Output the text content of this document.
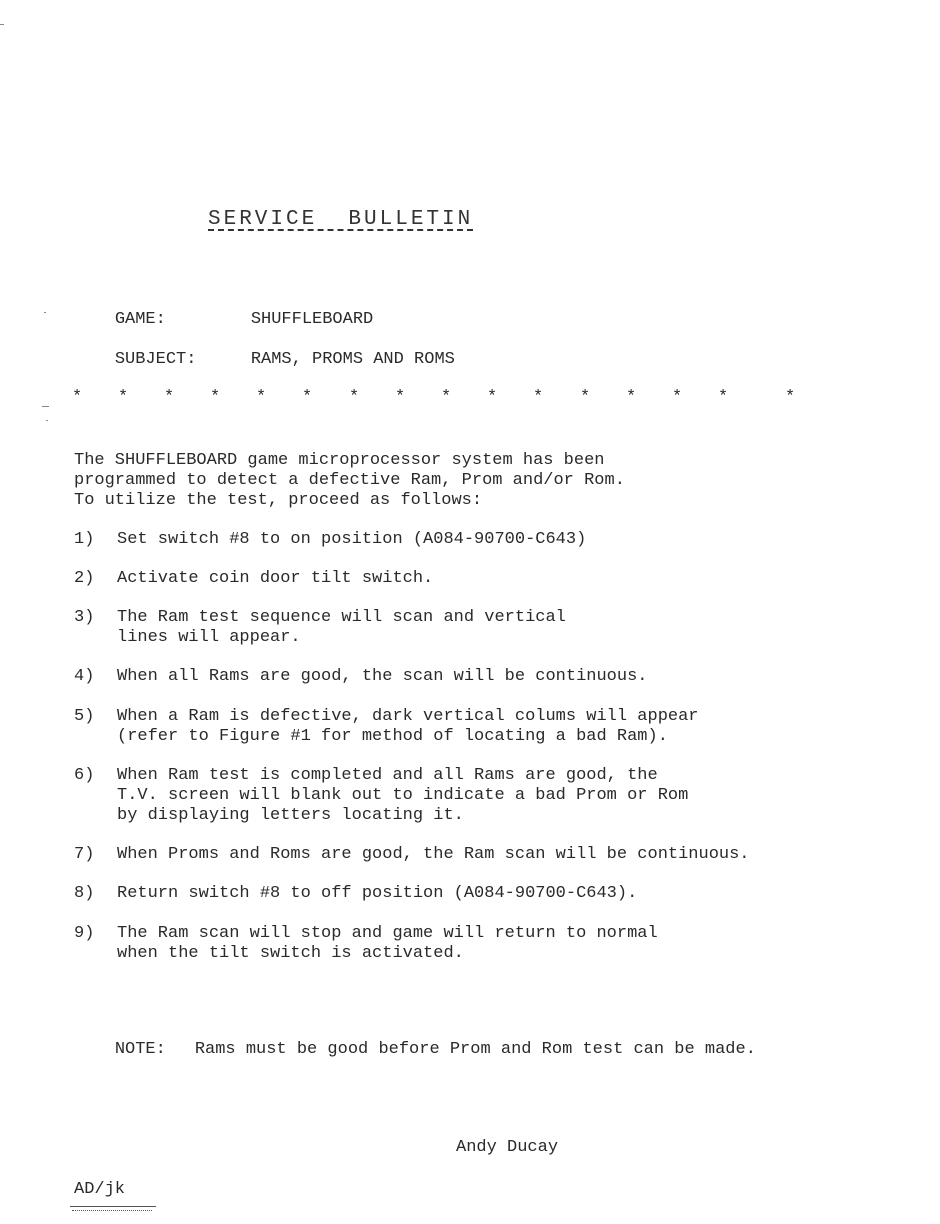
SERVICE  BULLETIN

GAME:	SHUFFLEBOARD

SUBJECT:	RAMS, PROMS AND ROMS

* * * * * * * * * * * * * * *	*
The SHUFFLEBOARD game microprocessor system has been
programmed to detect a defective Ram, Prom and/or Rom.
To utilize the test, proceed as follows:

1)

Set switch #8 to on position (A084-90700-C643)

2)

Activate coin door tilt switch.

3)

The Ram test sequence will scan and vertical
lines will appear.

4)

When all Rams are good, the scan will be continuous.

5)

When a Ram is defective, dark vertical colums will appear
(refer to Figure #1 for method of locating a bad Ram).

6)

When Ram test is completed and all Rams are good, the
T.V. screen will blank out to indicate a bad Prom or Rom
by displaying letters locating it.

7)

When Proms and Roms are good, the Ram scan will be continuous.

8)

Return switch #8 to off position (A084-90700-C643).

9)

The Ram scan will stop and game will return to normal
when the tilt switch is activated.

NOTE: Rams must be good before Prom and Rom test can be made.

Andy Ducay
AD/jk
